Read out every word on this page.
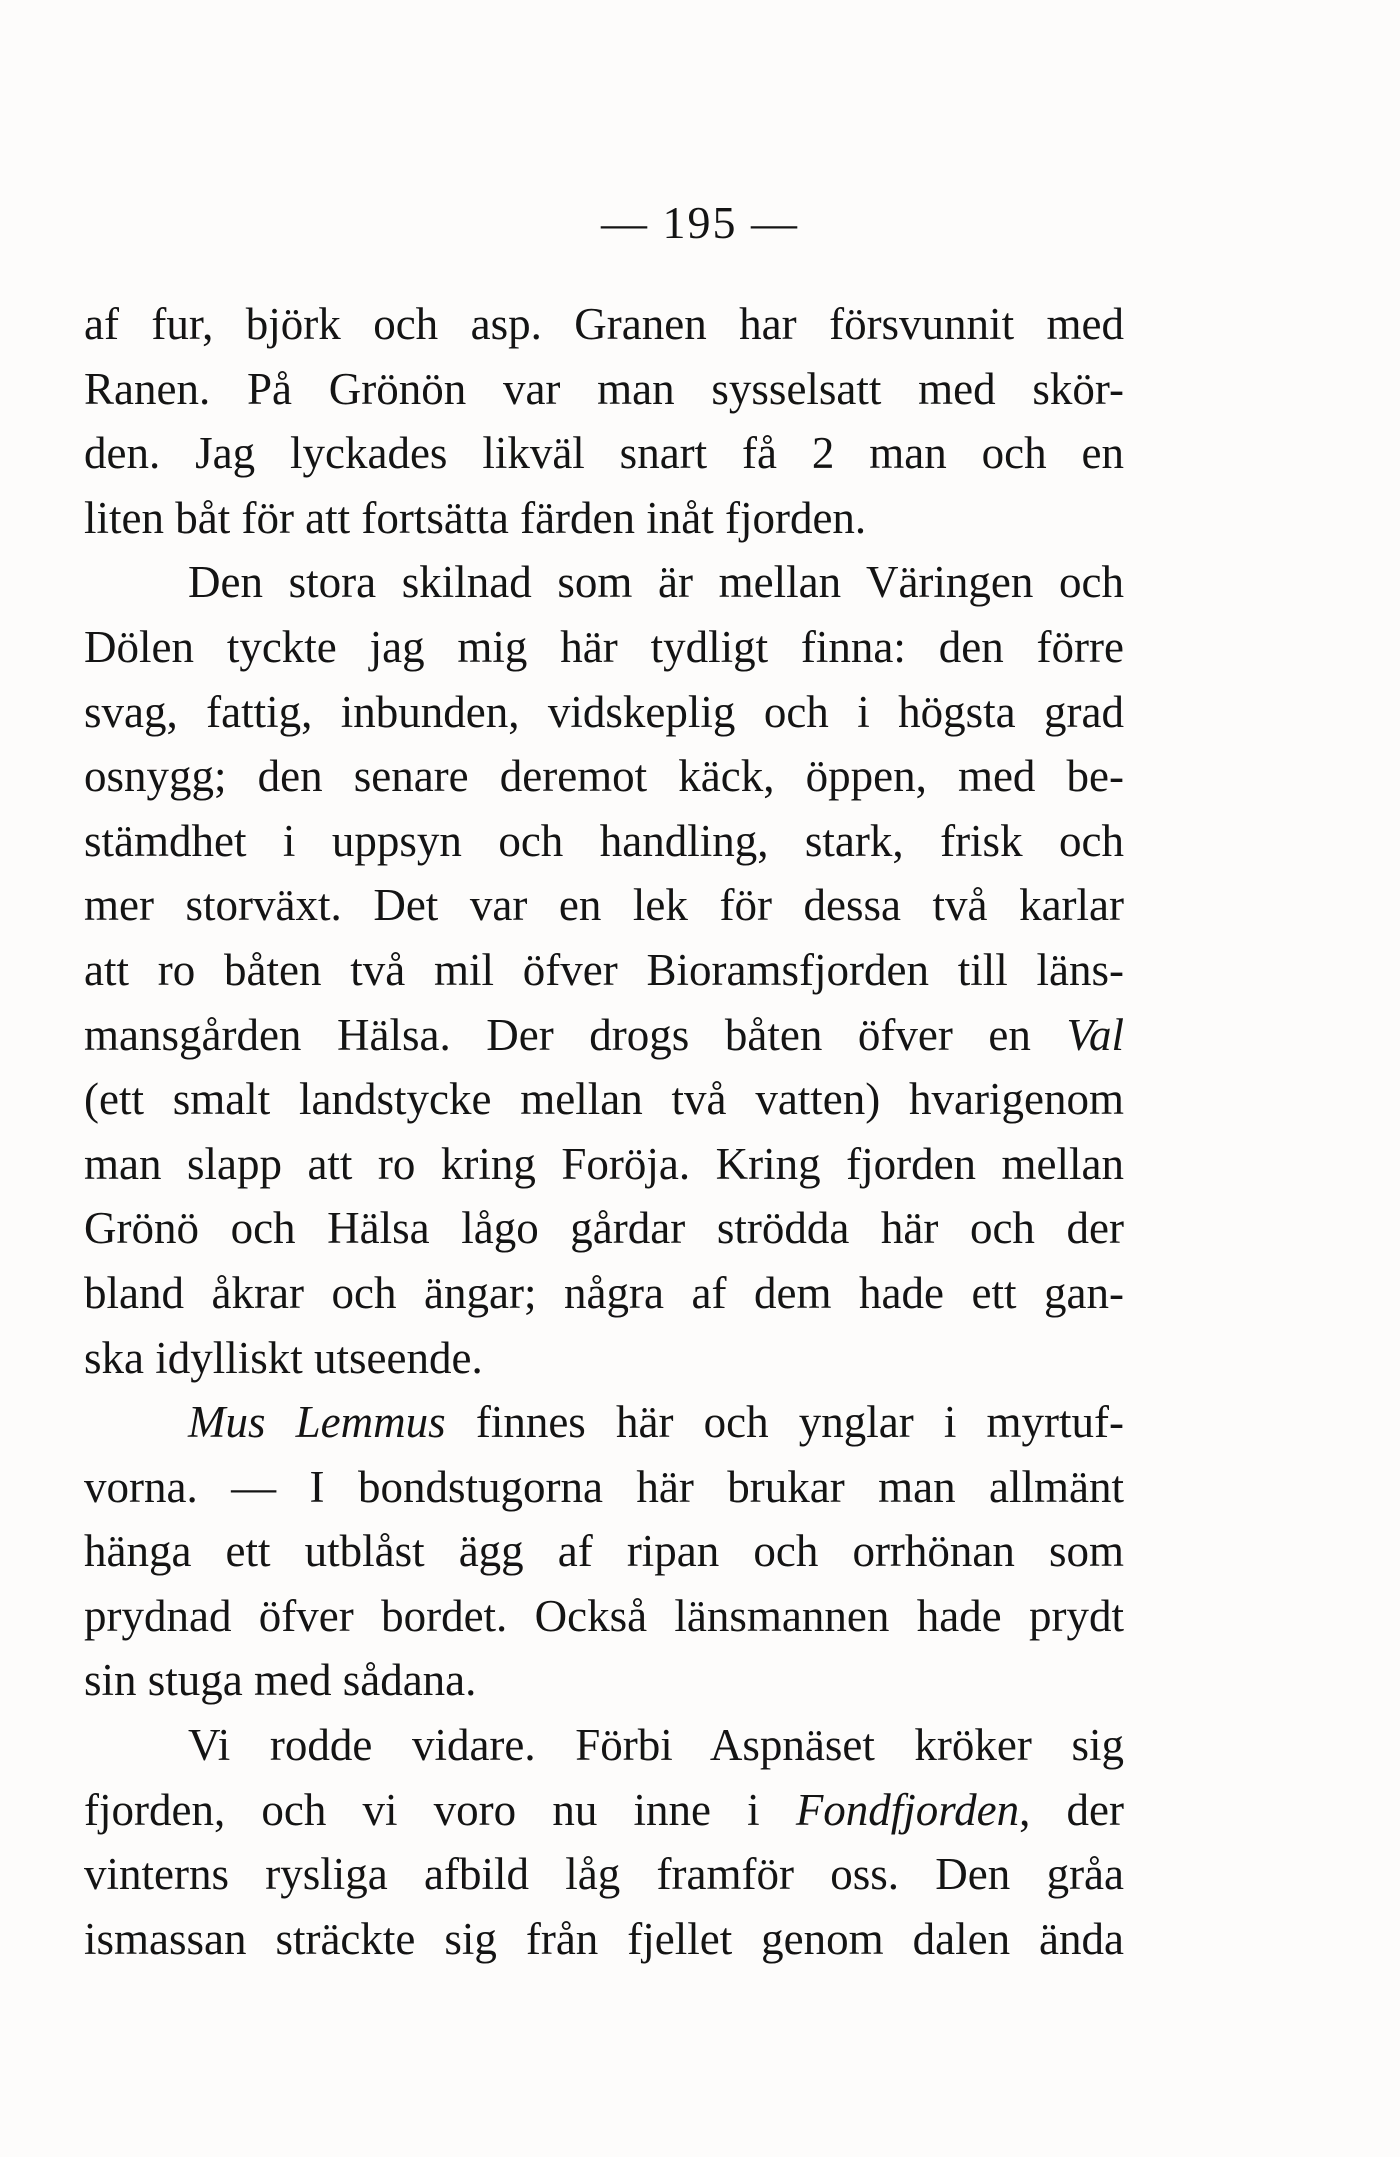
— 195 —

af fur, björk och asp. Granen har försvunnit med

Ranen. På Grönön var man sysselsatt med skör-

den. Jag lyckades likväl snart få 2 man och en

liten båt för att fortsätta färden inåt fjorden.

Den stora skilnad som är mellan Väringen och

Dölen tyckte jag mig här tydligt finna: den förre

svag, fattig, inbunden, vidskeplig och i högsta grad

osnygg; den senare deremot käck, öppen, med be-

stämdhet i uppsyn och handling, stark, frisk och

mer storväxt. Det var en lek för dessa två karlar

att ro båten två mil öfver Bioramsfjorden till läns-

mansgården Hälsa. Der drogs båten öfver en Val

(ett smalt landstycke mellan två vatten) hvarigenom

man slapp att ro kring Foröja. Kring fjorden mellan

Grönö och Hälsa lågo gårdar strödda här och der

bland åkrar och ängar; några af dem hade ett gan-

ska idylliskt utseende.

Mus Lemmus finnes här och ynglar i myrtuf-

vorna. — I bondstugorna här brukar man allmänt

hänga ett utblåst ägg af ripan och orrhönan som

prydnad öfver bordet. Också länsmannen hade prydt

sin stuga med sådana.

Vi rodde vidare. Förbi Aspnäset kröker sig

fjorden, och vi voro nu inne i Fondfjorden, der

vinterns rysliga afbild låg framför oss. Den gråa

ismassan sträckte sig från fjellet genom dalen ända
